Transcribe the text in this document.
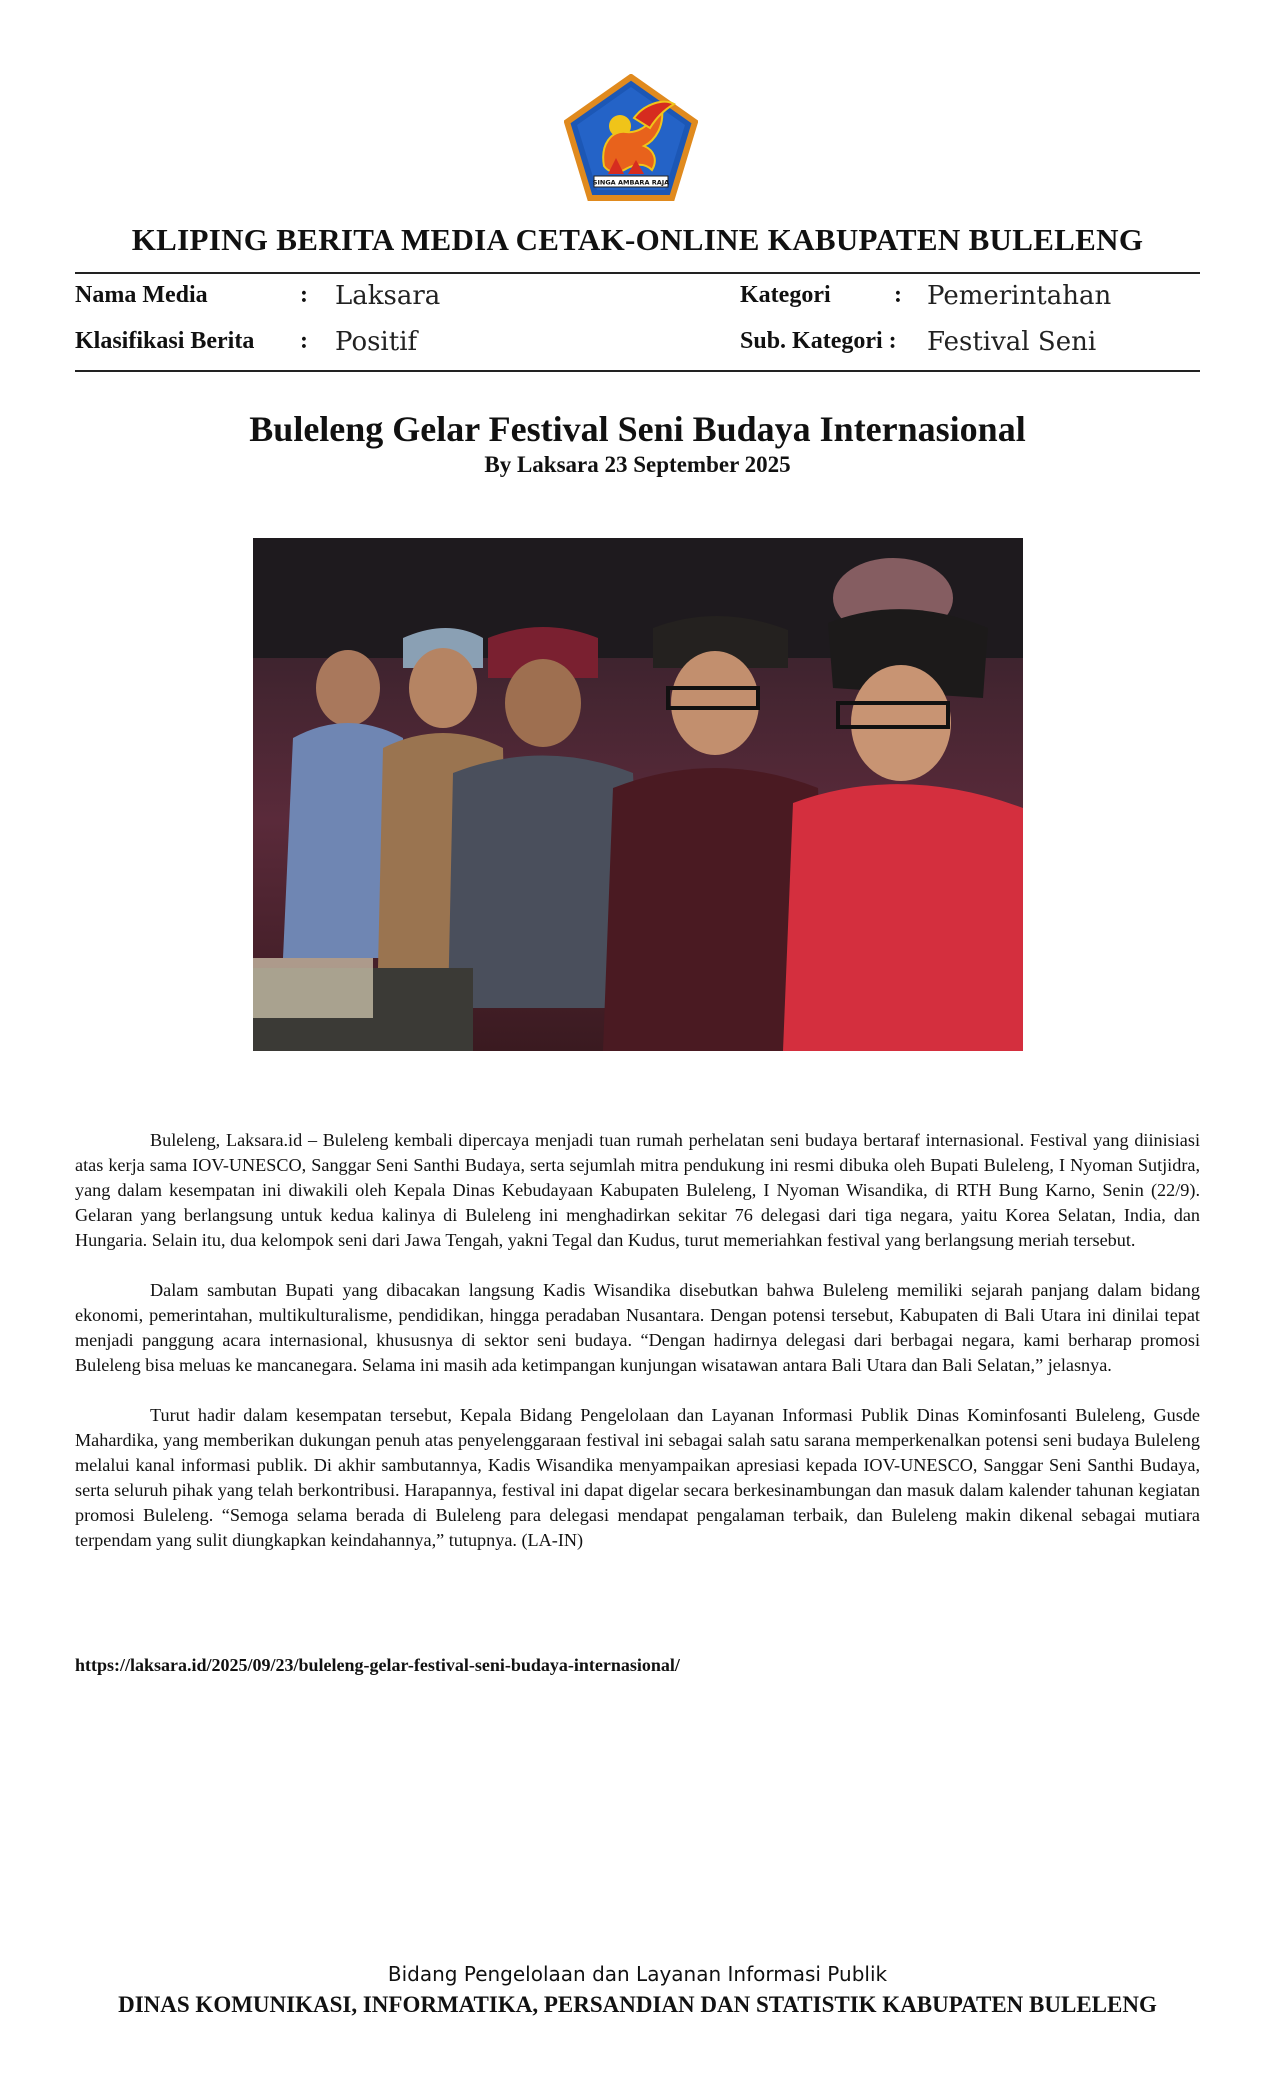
SINGA AMBARA RAJA
KLIPING BERITA MEDIA CETAK-ONLINE KABUPATEN BULELENG
Nama Media	: Laksara	Kategori	: Pemerintahan
Klasifikasi Berita : Positif	Sub. Kategori : Festival Seni
Buleleng Gelar Festival Seni Budaya Internasional
By Laksara 23 September 2025

Buleleng, Laksara.id – Buleleng kembali dipercaya menjadi tuan rumah perhelatan seni budaya bertaraf internasional. Festival yang diinisiasi atas kerja sama IOV-UNESCO, Sanggar Seni Santhi Budaya, serta sejumlah mitra pendukung ini resmi dibuka oleh Bupati Buleleng, I Nyoman Sutjidra, yang dalam kesempatan ini diwakili oleh Kepala Dinas Kebudayaan Kabupaten Buleleng, I Nyoman Wisandika, di RTH Bung Karno, Senin (22/9). Gelaran yang berlangsung untuk kedua kalinya di Buleleng ini menghadirkan sekitar 76 delegasi dari tiga negara, yaitu Korea Selatan, India, dan Hungaria. Selain itu, dua kelompok seni dari Jawa Tengah, yakni Tegal dan Kudus, turut memeriahkan festival yang berlangsung meriah tersebut.

Dalam sambutan Bupati yang dibacakan langsung Kadis Wisandika disebutkan bahwa Buleleng memiliki sejarah panjang dalam bidang ekonomi, pemerintahan, multikulturalisme, pendidikan, hingga peradaban Nusantara. Dengan potensi tersebut, Kabupaten di Bali Utara ini dinilai tepat menjadi panggung acara internasional, khususnya di sektor seni budaya. “Dengan hadirnya delegasi dari berbagai negara, kami berharap promosi Buleleng bisa meluas ke mancanegara. Selama ini masih ada ketimpangan kunjungan wisatawan antara Bali Utara dan Bali Selatan,” jelasnya.

Turut hadir dalam kesempatan tersebut, Kepala Bidang Pengelolaan dan Layanan Informasi Publik Dinas Kominfosanti Buleleng, Gusde Mahardika, yang memberikan dukungan penuh atas penyelenggaraan festival ini sebagai salah satu sarana memperkenalkan potensi seni budaya Buleleng melalui kanal informasi publik. Di akhir sambutannya, Kadis Wisandika menyampaikan apresiasi kepada IOV-UNESCO, Sanggar Seni Santhi Budaya, serta seluruh pihak yang telah berkontribusi. Harapannya, festival ini dapat digelar secara berkesinambungan dan masuk dalam kalender tahunan kegiatan promosi Buleleng. “Semoga selama berada di Buleleng para delegasi mendapat pengalaman terbaik, dan Buleleng makin dikenal sebagai mutiara terpendam yang sulit diungkapkan keindahannya,” tutupnya. (LA-IN)

https://laksara.id/2025/09/23/buleleng-gelar-festival-seni-budaya-internasional/
Bidang Pengelolaan dan Layanan Informasi Publik
DINAS KOMUNIKASI, INFORMATIKA, PERSANDIAN DAN STATISTIK KABUPATEN BULELENG
